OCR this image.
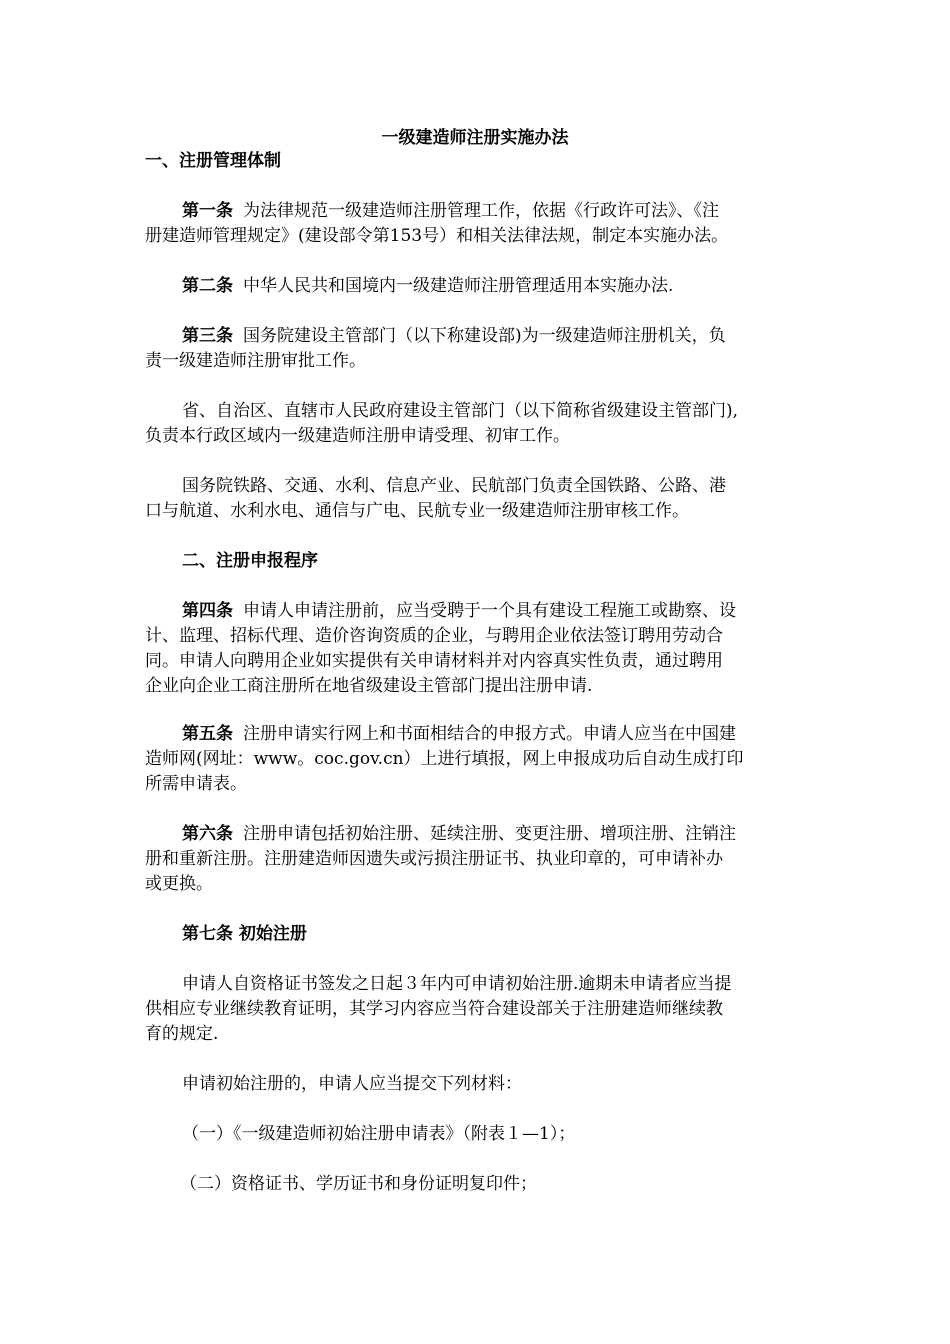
一级建造师注册实施办法
一、注册管理体制
第一条 为法律规范一级建造师注册管理工作，依据《行政许可法》、《注
册建造师管理规定》(建设部令第153号）和相关法律法规，制定本实施办法。
第二条 中华人民共和国境内一级建造师注册管理适用本实施办法.
第三条 国务院建设主管部门（以下称建设部)为一级建造师注册机关，负
责一级建造师注册审批工作。
省、自治区、直辖市人民政府建设主管部门（以下简称省级建设主管部门),
负责本行政区域内一级建造师注册申请受理、初审工作。
国务院铁路、交通、水利、信息产业、民航部门负责全国铁路、公路、港
口与航道、水利水电、通信与广电、民航专业一级建造师注册审核工作。
二、注册申报程序
第四条 申请人申请注册前，应当受聘于一个具有建设工程施工或勘察、设
计、监理、招标代理、造价咨询资质的企业，与聘用企业依法签订聘用劳动合
同。申请人向聘用企业如实提供有关申请材料并对内容真实性负责，通过聘用
企业向企业工商注册所在地省级建设主管部门提出注册申请.
第五条 注册申请实行网上和书面相结合的申报方式。申请人应当在中国建
造师网(网址：www。coc.gov.cn）上进行填报，网上申报成功后自动生成打印
所需申请表。
第六条 注册申请包括初始注册、延续注册、变更注册、增项注册、注销注
册和重新注册。注册建造师因遗失或污损注册证书、执业印章的，可申请补办
或更换。
第七条 初始注册
申请人自资格证书签发之日起３年内可申请初始注册.逾期未申请者应当提
供相应专业继续教育证明，其学习内容应当符合建设部关于注册建造师继续教
育的规定.
申请初始注册的，申请人应当提交下列材料：
（一）《一级建造师初始注册申请表》（附表１—1）；
（二）资格证书、学历证书和身份证明复印件；
